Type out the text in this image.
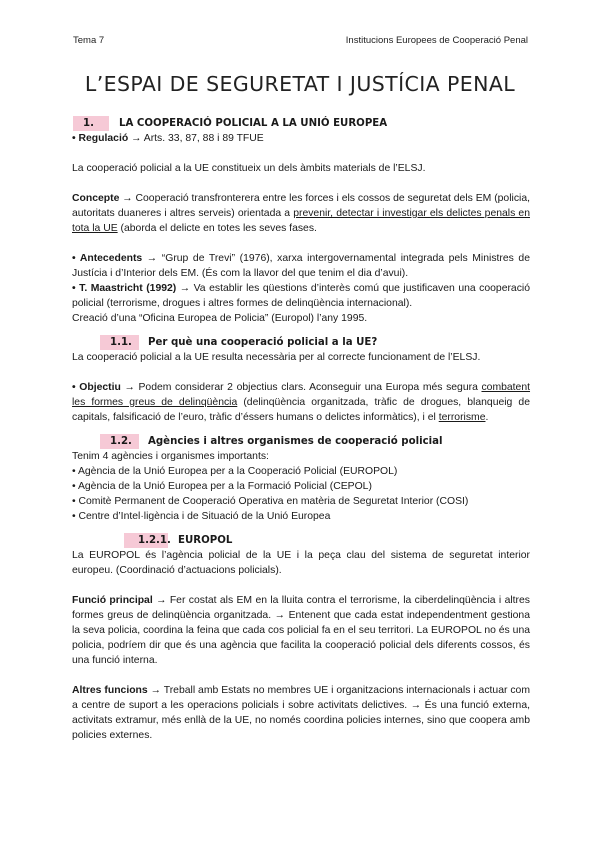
Tema 7	Institucions Europees de Cooperació Penal
L’ESPAI DE SEGURETAT I JUSTÍCIA PENAL

1. LA COOPERACIÓ POLICIAL A LA UNIÓ EUROPEA

• Regulació → Arts. 33, 87, 88 i 89 TFUE

La cooperació policial a la UE constitueix un dels àmbits materials de l’ELSJ.

Concepte → Cooperació transfronterera entre les forces i els cossos de seguretat dels EM (policia, autoritats duaneres i altres serveis) orientada a prevenir, detectar i investigar els delictes penals en tota la UE (aborda el delicte en totes les seves fases.

• Antecedents → “Grup de Trevi” (1976), xarxa intergovernamental integrada pels Ministres de Justícia i d’Interior dels EM. (És com la llavor del que tenim el dia d’avui).

• T. Maastricht (1992) → Va establir les qüestions d’interès comú que justificaven una cooperació policial (terrorisme, drogues i altres formes de delinqüència internacional).

Creació d’una “Oficina Europea de Policia” (Europol) l’any 1995.

1.1. Per què una cooperació policial a la UE?

La cooperació policial a la UE resulta necessària per al correcte funcionament de l’ELSJ.

• Objectiu → Podem considerar 2 objectius clars. Aconseguir una Europa més segura combatent les formes greus de delinqüència (delinqüència organitzada, tràfic de drogues, blanqueig de capitals, falsificació de l’euro, tràfic d’éssers humans o delictes informàtics), i el terrorisme.

1.2. Agències i altres organismes de cooperació policial

Tenim 4 agències i organismes importants:

• Agència de la Unió Europea per a la Cooperació Policial (EUROPOL)

• Agència de la Unió Europea per a la Formació Policial (CEPOL)

• Comitè Permanent de Cooperació Operativa en matèria de Seguretat Interior (COSI)

• Centre d’Intel·ligència i de Situació de la Unió Europea

1.2.1. EUROPOL

La EUROPOL és l’agència policial de la UE i la peça clau del sistema de seguretat interior europeu. (Coordinació d’actuacions policials).

Funció principal → Fer costat als EM en la lluita contra el terrorisme, la ciberdelinqüència i altres formes greus de delinqüència organitzada. → Entenent que cada estat independentment gestiona la seva policia, coordina la feina que cada cos policial fa en el seu territori. La EUROPOL no és una policia, podríem dir que és una agència que facilita la cooperació policial dels diferents cossos, és una funció interna.

Altres funcions → Treball amb Estats no membres UE i organitzacions internacionals i actuar com a centre de suport a les operacions policials i sobre activitats delictives. → És una funció externa, activitats extramur, més enllà de la UE, no només coordina policies internes, sino que coopera amb policies externes.
